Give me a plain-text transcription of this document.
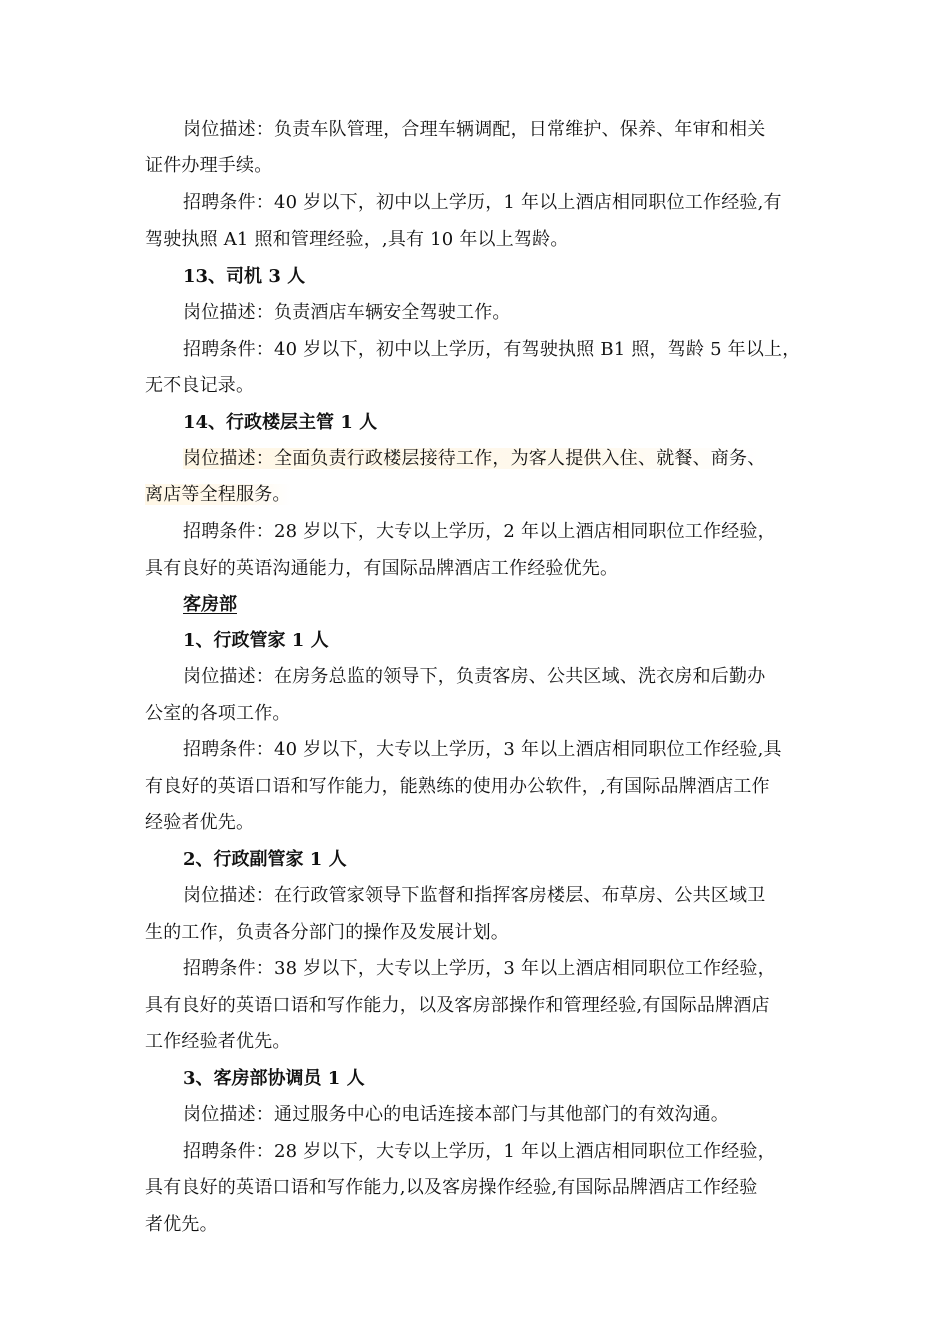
岗位描述：负责车队管理，合理车辆调配，日常维护、保养、年审和相关
证件办理手续。
招聘条件：40 岁以下，初中以上学历，1 年以上酒店相同职位工作经验,有
驾驶执照 A1 照和管理经验，,具有 10 年以上驾龄。
13、司机 3 人
岗位描述：负责酒店车辆安全驾驶工作。
招聘条件：40 岁以下，初中以上学历，有驾驶执照 B1 照，驾龄 5 年以上，
无不良记录。
14、行政楼层主管 1 人
岗位描述：全面负责行政楼层接待工作，为客人提供入住、就餐、商务、
离店等全程服务。
招聘条件：28 岁以下，大专以上学历，2 年以上酒店相同职位工作经验，
具有良好的英语沟通能力，有国际品牌酒店工作经验优先。
客房部
1、行政管家 1 人
岗位描述：在房务总监的领导下，负责客房、公共区域、洗衣房和后勤办
公室的各项工作。
招聘条件：40 岁以下，大专以上学历，3 年以上酒店相同职位工作经验,具
有良好的英语口语和写作能力，能熟练的使用办公软件，,有国际品牌酒店工作
经验者优先。
2、行政副管家 1 人
岗位描述：在行政管家领导下监督和指挥客房楼层、布草房、公共区域卫
生的工作，负责各分部门的操作及发展计划。
招聘条件：38 岁以下，大专以上学历，3 年以上酒店相同职位工作经验，
具有良好的英语口语和写作能力，以及客房部操作和管理经验,有国际品牌酒店
工作经验者优先。
3、客房部协调员 1 人
岗位描述：通过服务中心的电话连接本部门与其他部门的有效沟通。
招聘条件：28 岁以下，大专以上学历，1 年以上酒店相同职位工作经验，
具有良好的英语口语和写作能力,以及客房操作经验,有国际品牌酒店工作经验
者优先。
